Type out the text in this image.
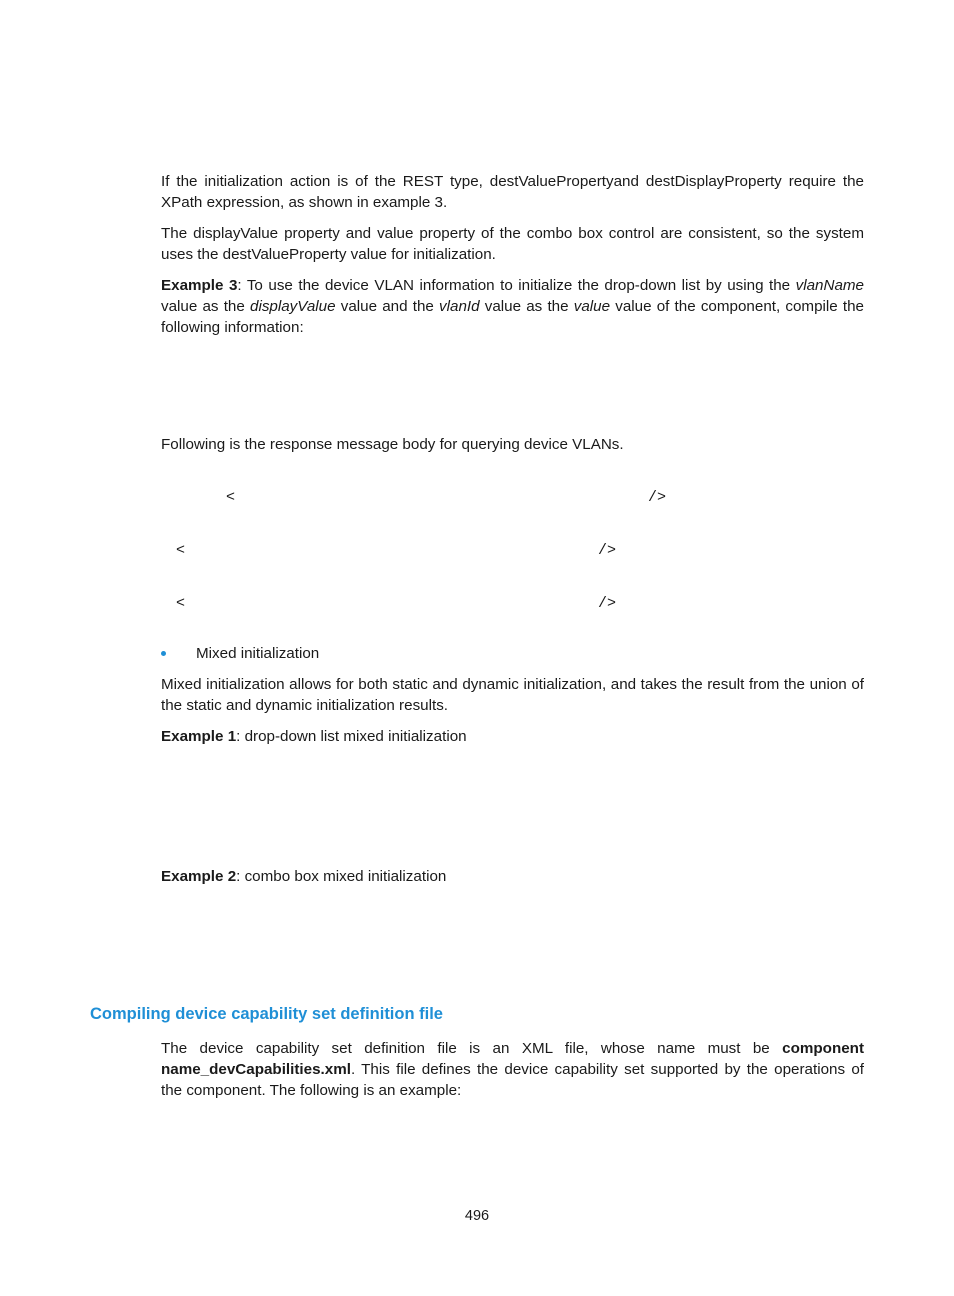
If the initialization action is of the REST type, destValuePropertyand destDisplayProperty require the XPath expression, as shown in example 3.
The displayValue property and value property of the combo box control are consistent, so the system uses the destValueProperty value for initialization.
Example 3: To use the device VLAN information to initialize the drop-down list by using the vlanName value as the displayValue value and the vlanId value as the value value of the component, compile the following information:
Following is the response message body for querying device VLANs.
<	/>
<	/>
<	/>
Mixed initialization
Mixed initialization allows for both static and dynamic initialization, and takes the result from the union of the static and dynamic initialization results.
Example 1: drop-down list mixed initialization
Example 2: combo box mixed initialization
Compiling device capability set definition file
The device capability set definition file is an XML file, whose name must be component name_devCapabilities.xml. This file defines the device capability set supported by the operations of the component. The following is an example:
496
